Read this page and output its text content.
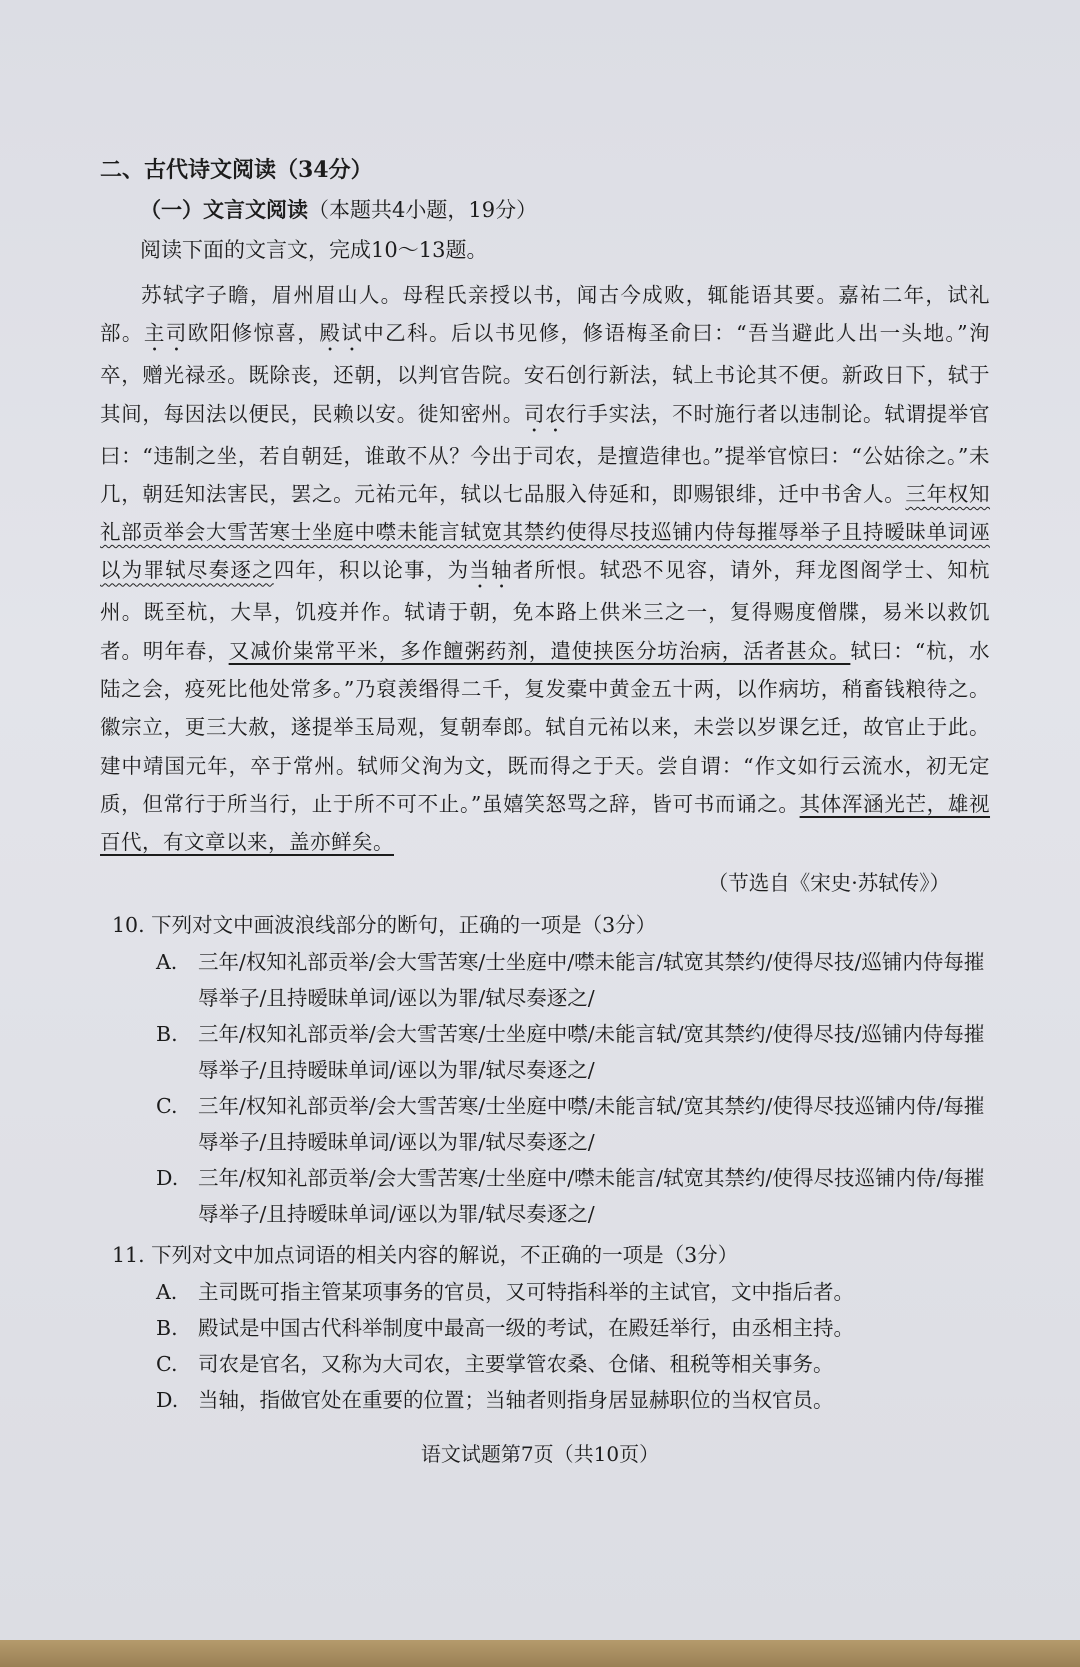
二、古代诗文阅读（34分）

（一）文言文阅读（本题共4小题，19分）

阅读下面的文言文，完成10～13题。

苏轼字子瞻，眉州眉山人。母程氏亲授以书，闻古今成败，辄能语其要。嘉祐二年，试礼部。主司欧阳修惊喜，殿试中乙科。后以书见修，修语梅圣俞曰：“吾当避此人出一头地。”洵卒，赠光禄丞。既除丧，还朝，以判官告院。安石创行新法，轼上书论其不便。新政日下，轼于其间，每因法以便民，民赖以安。徙知密州。司农行手实法，不时施行者以违制论。轼谓提举官曰：“违制之坐，若自朝廷，谁敢不从？今出于司农，是擅造律也。”提举官惊曰：“公姑徐之。”未几，朝廷知法害民，罢之。元祐元年，轼以七品服入侍延和，即赐银绯，迁中书舍人。三年权知礼部贡举会大雪苦寒士坐庭中噤未能言轼宽其禁约使得尽技巡铺内侍每摧辱举子且持暧昧单词诬以为罪轼尽奏逐之四年，积以论事，为当轴者所恨。轼恐不见容，请外，拜龙图阁学士、知杭州。既至杭，大旱，饥疫并作。轼请于朝，免本路上供米三之一，复得赐度僧牒，易米以救饥者。明年春，又减价粜常平米，多作饘粥药剂，遣使挟医分坊治病，活者甚众。轼曰：“杭，水陆之会，疫死比他处常多。”乃裒羡缗得二千，复发橐中黄金五十两，以作病坊，稍畜钱粮待之。徽宗立，更三大赦，遂提举玉局观，复朝奉郎。轼自元祐以来，未尝以岁课乞迁，故官止于此。建中靖国元年，卒于常州。轼师父洵为文，既而得之于天。尝自谓：“作文如行云流水，初无定质，但常行于所当行，止于所不可不止。”虽嬉笑怒骂之辞，皆可书而诵之。其体浑涵光芒，雄视百代，有文章以来，盖亦鲜矣。

（节选自《宋史·苏轼传》）

10. 下列对文中画波浪线部分的断句，正确的一项是（3分）

A.	三年/权知礼部贡举/会大雪苦寒/士坐庭中/噤未能言/轼宽其禁约/使得尽技/巡铺内侍每摧辱举子/且持暧昧单词/诬以为罪/轼尽奏逐之/
B. 三年/权知礼部贡举/会大雪苦寒/士坐庭中噤/未能言轼/宽其禁约/使得尽技/巡铺内侍每摧辱举子/且持暧昧单词/诬以为罪/轼尽奏逐之/
C.	三年/权知礼部贡举/会大雪苦寒/士坐庭中噤/未能言轼/宽其禁约/使得尽技巡铺内侍/每摧辱举子/且持暧昧单词/诬以为罪/轼尽奏逐之/
D. 三年/权知礼部贡举/会大雪苦寒/士坐庭中/噤未能言/轼宽其禁约/使得尽技巡铺内侍/每摧辱举子/且持暧昧单词/诬以为罪/轼尽奏逐之/

11. 下列对文中加点词语的相关内容的解说，不正确的一项是（3分）

A.	主司既可指主管某项事务的官员，又可特指科举的主试官，文中指后者。
B. 殿试是中国古代科举制度中最高一级的考试，在殿廷举行，由丞相主持。
C.	司农是官名，又称为大司农，主要掌管农桑、仓储、租税等相关事务。
D. 当轴，指做官处在重要的位置；当轴者则指身居显赫职位的当权官员。
语文试题第7页（共10页）
